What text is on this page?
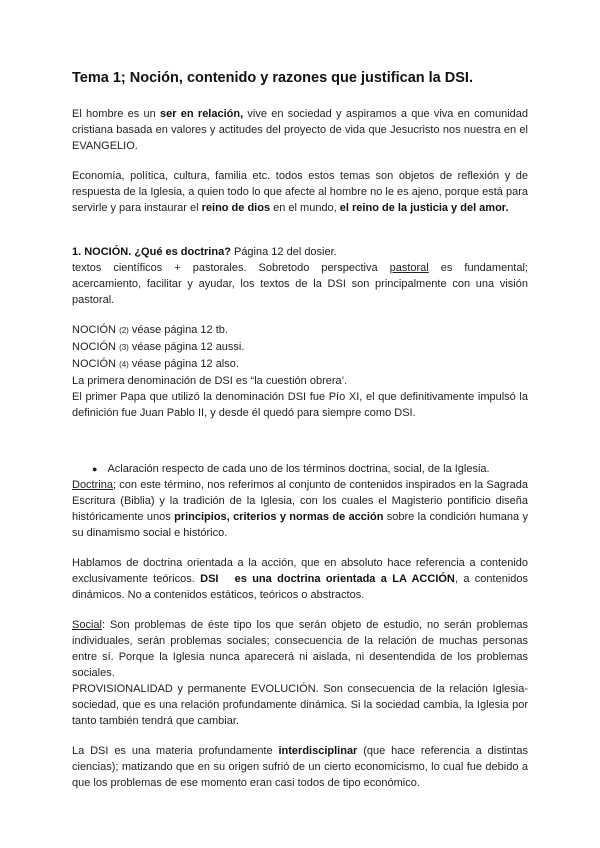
Tema 1; Noción, contenido y razones que justifican la DSI.

El hombre es un ser en relación, vive en sociedad y aspiramos a que viva en comunidad cristiana basada en valores y actitudes del proyecto de vida que Jesucristo nos nuestra en el EVANGELIO.

Economía, política, cultura, familia etc. todos estos temas son objetos de reflexión y de respuesta de la Iglesia, a quien todo lo que afecte al hombre no le es ajeno, porque está para servirle y para instaurar el reino de dios en el mundo, el reino de la justicia y del amor.

1. NOCIÓN. ¿Qué es doctrina? Página 12 del dosier.

textos científicos + pastorales. Sobretodo perspectiva pastoral es fundamental; acercamiento, facilitar y ayudar, los textos de la DSI son principalmente con una visión pastoral.

NOCIÓN (2) véase página 12 tb.

NOCIÓN (3) véase página 12 aussi.

NOCIÓN (4) véase página 12 also.

La primera denominación de DSI es “la cuestión obrera’.

El primer Papa que utilizó la denominación DSI fue Pío XI, el que definitivamente impulsó la definición fue Juan Pablo II, y desde él quedó para siempre como DSI.

● Aclaración respecto de cada uno de los términos doctrina, social, de la Iglesia.

Doctrina; con este término, nos referimos al conjunto de contenidos inspirados en la Sagrada Escritura (Biblia) y la tradición de la Iglesia, con los cuales el Magisterio pontificio diseña históricamente unos principios, criterios y normas de acción sobre la condición humana y su dinamismo social e histórico.

Hablamos de doctrina orientada a la acción, que en absoluto hace referencia a contenido exclusivamente teóricos. DSI   es una doctrina orientada a LA ACCIÓN, a contenidos dinámicos. No a contenidos estáticos, teóricos o abstractos.

Social: Son problemas de éste tipo los que serán objeto de estudio, no serán problemas individuales, serán problemas sociales; consecuencia de la relación de muchas personas entre sí. Porque la Iglesia nunca aparecerá ni aislada, ni desentendida de los problemas sociales.

PROVISIONALIDAD y permanente EVOLUCIÓN. Son consecuencia de la relación Iglesia-sociedad, que es una relación profundamente dinámica. Si la sociedad cambia, la Iglesia por tanto también tendrá que cambiar.

La DSI es una materia profundamente interdisciplinar (que hace referencia a distintas ciencias); matizando que en su origen sufrió de un cierto economicismo, lo cual fue debido a que los problemas de ese momento eran casi todos de tipo económico.
